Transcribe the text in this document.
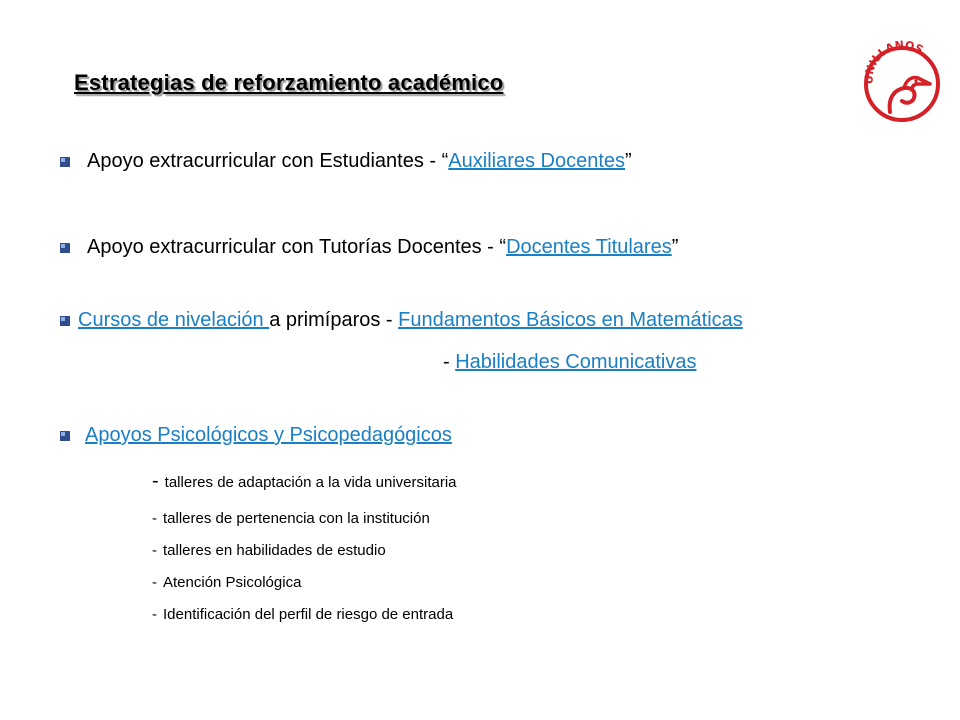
Estrategias de reforzamiento académico	UNILLANOS
Apoyo extracurricular con Estudiantes - “Auxiliares Docentes”
Apoyo extracurricular con Tutorías Docentes - “Docentes Titulares”
Cursos de nivelación a primíparos - Fundamentos Básicos en Matemáticas
- Habilidades Comunicativas
Apoyos Psicológicos y Psicopedagógicos
- talleres de adaptación a la vida universitaria
- talleres de pertenencia con la institución
- talleres en habilidades de estudio
- Atención Psicológica
- Identificación del perfil de riesgo de entrada
